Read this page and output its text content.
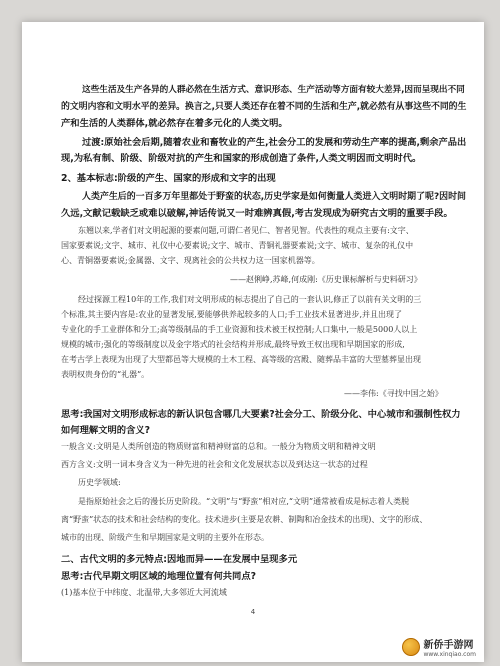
这些生活及生产各异的人群必然在生活方式、意识形态、生产活动等方面有较大差异,因而呈现出不同
的文明内容和文明水平的差异。换言之,只要人类还存在着不同的生活和生产,就必然有从事这些不同的生
产和生活的人类群体,就必然存在着多元化的人类文明。
过渡:原始社会后期,随着农业和畜牧业的产生,社会分工的发展和劳动生产率的提高,剩余产品出
现,为私有制、阶级、阶级对抗的产生和国家的形成创造了条件,人类文明因而文明时代。
2、基本标志:阶级的产生、国家的形成和文字的出现
人类产生后的一百多万年里都处于野蛮的状态,历史学家是如何衡量人类进入文明时期了呢?因时间
久远,文献记载缺乏或难以破解,神话传说又一时难辨真假,考古发现成为研究古文明的重要手段。
东翘以来,学者们对文明起源的要素问题,可谓仁者见仁、智者见智。代表性的观点主要有:文字、
国家要素说;文字、城市、礼仪中心要素说;文字、城市、青铜礼器要素说;文字、城市、复杂的礼仪中
心、青铜器要素说;金属器、文字、现离社会的公共权力这一国家机器等。
——赵俐峥,苏峰,何成刚:《历史课标解析与史料研习》
经过探源工程10年的工作,我们对文明形成的标志提出了自己的一套认识,修正了以前有关文明的三
个标准,其主要内容是:农业的显著发展,要能够供养起较多的人口;手工业技术显著进步,并且出现了
专业化的手工业群体和分工;高等级制品的手工业资源和技术被王权控制;人口集中,一般是5000人以上
规模的城市;强化的等级制度以及金字塔式的社会结构并形成,最终导致王权出现和早期国家的形成,
在考古学上表现为出现了大型都邑等大规模的土木工程、高等级的宫殿、随葬品丰富的大型墓葬显出现
表明权贵身份的“礼器”。
——李伟:《寻找中国之始》
思考:我国对文明形成标志的新认识包含哪几大要素?社会分工、阶级分化、中心城市和强制性权力
如何理解文明的含义?
一般含义:文明是人类所创造的物质财富和精神财富的总和。一般分为物质文明和精神文明
西方含义:文明一词本身含义为一种先进的社会和文化发展状态以及到达这一状态的过程
历史学领域:
是指原始社会之后的漫长历史阶段。“文明”与“野蛮”相对应,“文明”通常被看成是标志着人类脱
离“野蛮”状态的技术和社会结构的变化。技术进步(主要是农耕、制陶和冶金技术的出现)、文字的形成、
城市的出现、阶级产生和早期国家是文明的主要外在形态。
二、古代文明的多元特点:因地而异——在发展中呈现多元
思考:古代早期文明区域的地理位置有何共同点?
(1)基本位于中纬度、北温带,大多邻近大河流域
4
新侨手游网
www.xinqiao.com
